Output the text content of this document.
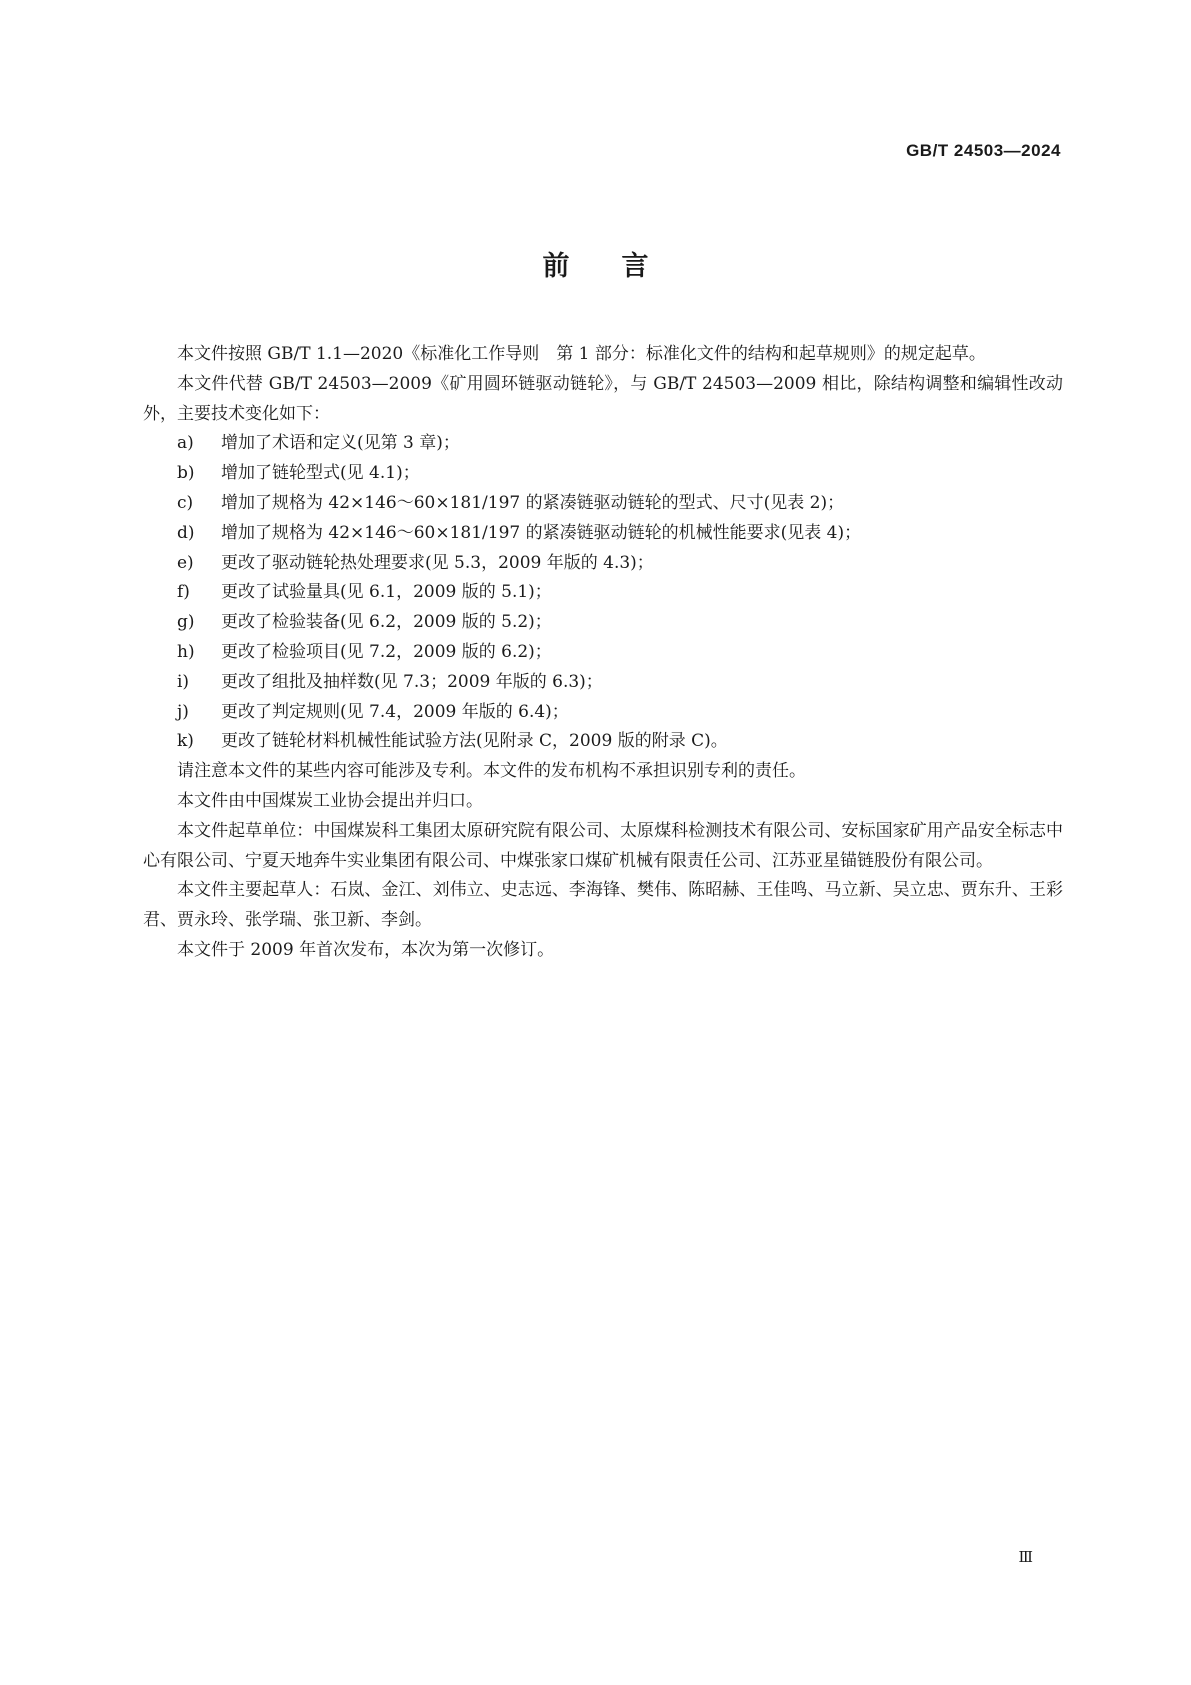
GB/T 24503—2024
前言

本文件按照 GB/T 1.1—2020《标准化工作导则　第 1 部分：标准化文件的结构和起草规则》的规定起草。

本文件代替 GB/T 24503—2009《矿用圆环链驱动链轮》，与 GB/T 24503—2009 相比，除结构调整和编辑性改动外，主要技术变化如下：

a)	增加了术语和定义(见第 3 章)；
b)	增加了链轮型式(见 4.1)；
c)	增加了规格为 42×146～60×181/197 的紧凑链驱动链轮的型式、尺寸(见表 2)；
d)	增加了规格为 42×146～60×181/197 的紧凑链驱动链轮的机械性能要求(见表 4)；
e)	更改了驱动链轮热处理要求(见 5.3，2009 年版的 4.3)；
f)	更改了试验量具(见 6.1，2009 版的 5.1)；
g)	更改了检验装备(见 6.2，2009 版的 5.2)；
h)	更改了检验项目(见 7.2，2009 版的 6.2)；
i)	更改了组批及抽样数(见 7.3；2009 年版的 6.3)；
j)	更改了判定规则(见 7.4，2009 年版的 6.4)；
k)	更改了链轮材料机械性能试验方法(见附录 C，2009 版的附录 C)。

请注意本文件的某些内容可能涉及专利。本文件的发布机构不承担识别专利的责任。

本文件由中国煤炭工业协会提出并归口。

本文件起草单位：中国煤炭科工集团太原研究院有限公司、太原煤科检测技术有限公司、安标国家矿用产品安全标志中心有限公司、宁夏天地奔牛实业集团有限公司、中煤张家口煤矿机械有限责任公司、江苏亚星锚链股份有限公司。

本文件主要起草人：石岚、金江、刘伟立、史志远、李海锋、樊伟、陈昭赫、王佳鸣、马立新、吴立忠、贾东升、王彩君、贾永玲、张学瑞、张卫新、李剑。

本文件于 2009 年首次发布，本次为第一次修订。

Ⅲ
